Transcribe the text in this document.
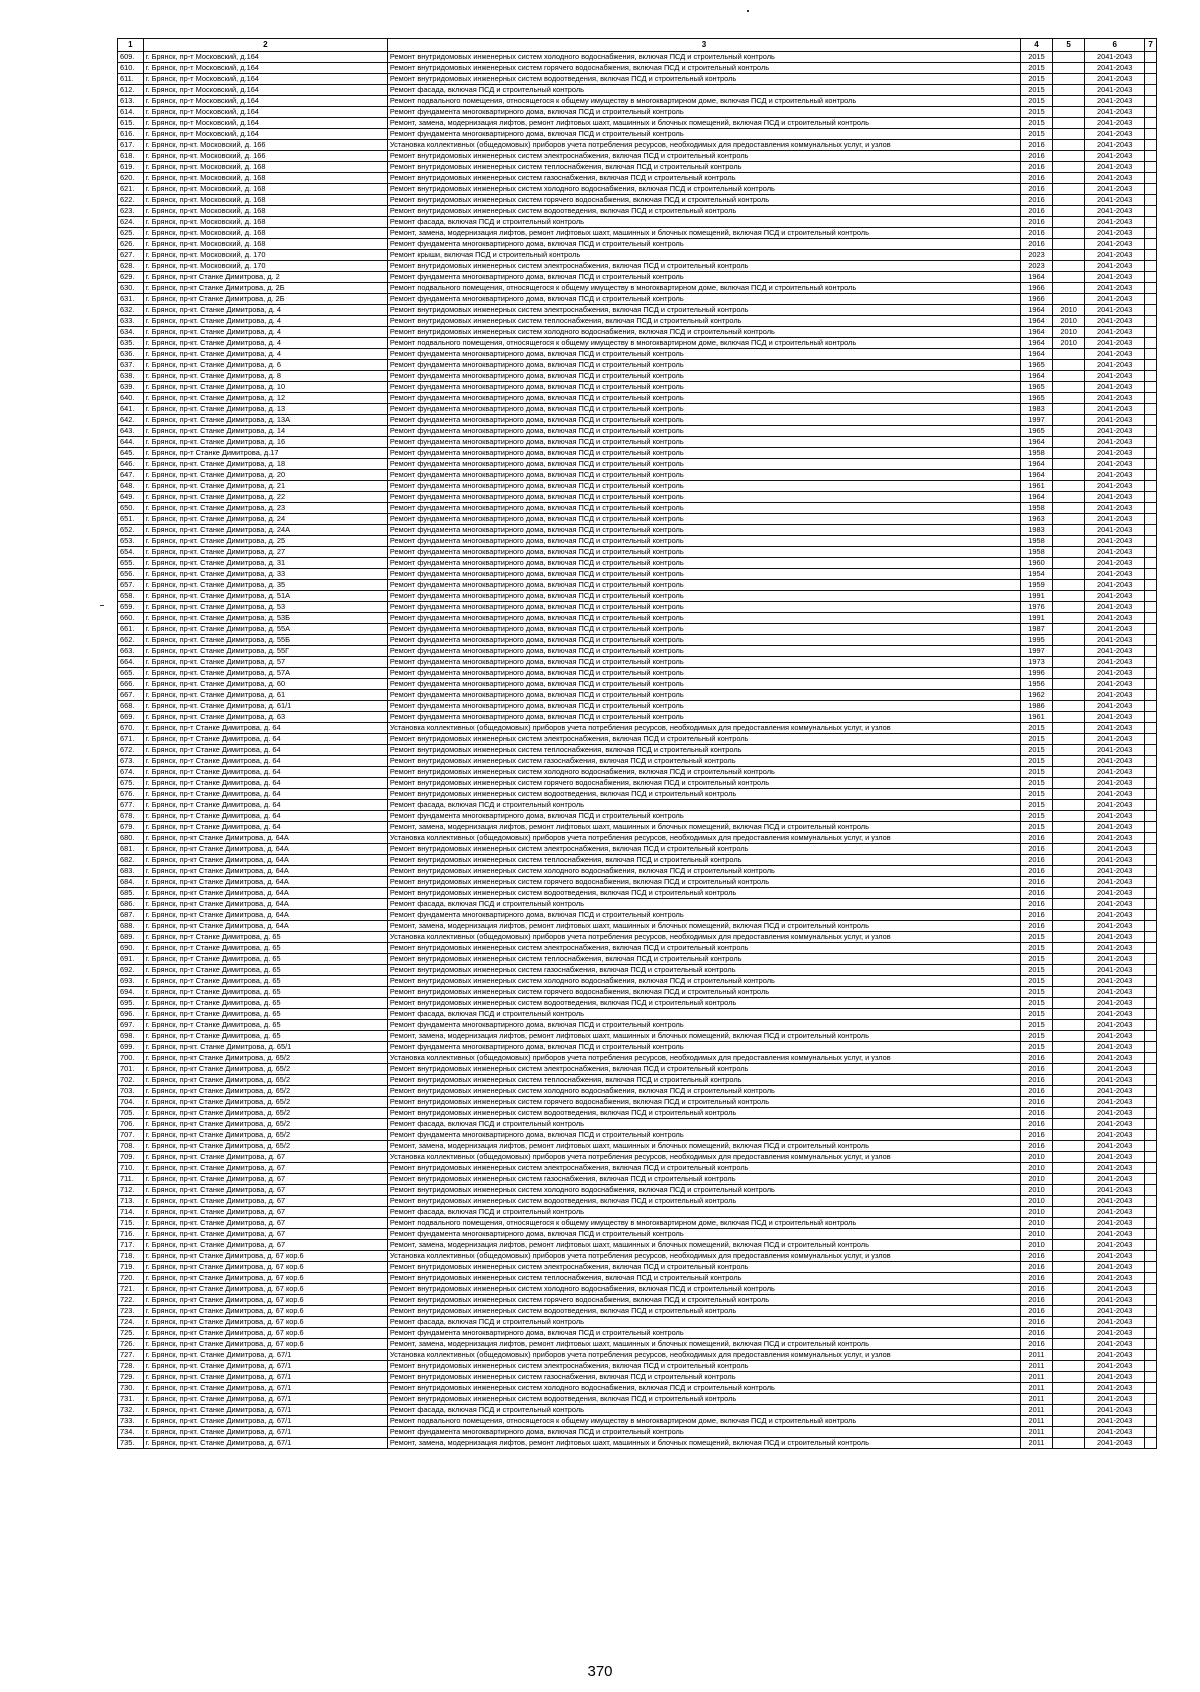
1	2	3	4	5	6	7
609.	г. Брянск, пр-т Московский, д.164	Ремонт внутридомовых инженерных систем холодного водоснабжения, включая ПСД и строительный контроль	2015		2041-2043	
610.	г. Брянск, пр-т Московский, д.164	Ремонт внутридомовых инженерных систем горячего водоснабжения, включая ПСД и строительный контроль	2015		2041-2043	
611.	г. Брянск, пр-т Московский, д.164	Ремонт внутридомовых инженерных систем водоотведения, включая ПСД и строительный контроль	2015		2041-2043	
612.	г. Брянск, пр-т Московский, д.164	Ремонт фасада, включая ПСД и строительный контроль	2015		2041-2043	
613.	г. Брянск, пр-т Московский, д.164	Ремонт подвального помещения, относящегося к общему имуществу в многоквартирном доме, включая ПСД и строительный контроль	2015		2041-2043	
614.	г. Брянск, пр-т Московский, д.164	Ремонт фундамента многоквартирного дома, включая ПСД и строительный контроль	2015		2041-2043	
615.	г. Брянск, пр-т Московский, д.164	Ремонт, замена, модернизация лифтов, ремонт лифтовых шахт, машинных и блочных помещений, включая ПСД и строительный контроль	2015		2041-2043	
616.	г. Брянск, пр-т Московский, д.164	Ремонт фундамента многоквартирного дома, включая ПСД и строительный контроль	2015		2041-2043	
617.	г. Брянск, пр-кт. Московский, д. 166	Установка коллективных (общедомовых) приборов учета потребления ресурсов, необходимых для предоставления коммунальных услуг, и узлов	2016		2041-2043	
618.	г. Брянск, пр-кт. Московский, д. 166	Ремонт внутридомовых инженерных систем электроснабжения, включая ПСД и строительный контроль	2016		2041-2043	
619.	г. Брянск, пр-кт. Московский, д. 168	Ремонт внутридомовых инженерных систем теплоснабжения, включая ПСД и строительный контроль	2016		2041-2043	
620.	г. Брянск, пр-кт. Московский, д. 168	Ремонт внутридомовых инженерных систем газоснабжения, включая ПСД и строительный контроль	2016		2041-2043	
621.	г. Брянск, пр-кт. Московский, д. 168	Ремонт внутридомовых инженерных систем холодного водоснабжения, включая ПСД и строительный контроль	2016		2041-2043	
622.	г. Брянск, пр-кт. Московский, д. 168	Ремонт внутридомовых инженерных систем горячего водоснабжения, включая ПСД и строительный контроль	2016		2041-2043	
623.	г. Брянск, пр-кт. Московский, д. 168	Ремонт внутридомовых инженерных систем водоотведения, включая ПСД и строительный контроль	2016		2041-2043	
624.	г. Брянск, пр-кт. Московский, д. 168	Ремонт фасада, включая ПСД и строительный контроль	2016		2041-2043	
625.	г. Брянск, пр-кт. Московский, д. 168	Ремонт, замена, модернизация лифтов, ремонт лифтовых шахт, машинных и блочных помещений, включая ПСД и строительный контроль	2016		2041-2043	
626.	г. Брянск, пр-кт. Московский, д. 168	Ремонт фундамента многоквартирного дома, включая ПСД и строительный контроль	2016		2041-2043	
627.	г. Брянск, пр-кт. Московский, д. 170	Ремонт крыши, включая ПСД и строительный контроль	2023		2041-2043	
628.	г. Брянск, пр-кт. Московский, д. 170	Ремонт внутридомовых инженерных систем электроснабжения, включая ПСД и строительный контроль	2023		2041-2043	
629.	г. Брянск, пр-кт Станке Димитрова, д. 2	Ремонт фундамента многоквартирного дома, включая ПСД и строительный контроль	1964		2041-2043	
630.	г. Брянск, пр-кт Станке Димитрова, д. 2Б	Ремонт подвального помещения, относящегося к общему имуществу в многоквартирном доме, включая ПСД и строительный контроль	1966		2041-2043	
631.	г. Брянск, пр-кт Станке Димитрова, д. 2Б	Ремонт фундамента многоквартирного дома, включая ПСД и строительный контроль	1966		2041-2043	
632.	г. Брянск, пр-кт. Станке Димитрова, д. 4	Ремонт внутридомовых инженерных систем электроснабжения, включая ПСД и строительный контроль	1964	2010	2041-2043	
633.	г. Брянск, пр-кт. Станке Димитрова, д. 4	Ремонт внутридомовых инженерных систем теплоснабжения, включая ПСД и строительный контроль	1964	2010	2041-2043	
634.	г. Брянск, пр-кт. Станке Димитрова, д. 4	Ремонт внутридомовых инженерных систем холодного водоснабжения, включая ПСД и строительный контроль	1964	2010	2041-2043	
635.	г. Брянск, пр-кт. Станке Димитрова, д. 4	Ремонт подвального помещения, относящегося к общему имуществу в многоквартирном доме, включая ПСД и строительный контроль	1964	2010	2041-2043	
636.	г. Брянск, пр-кт. Станке Димитрова, д. 4	Ремонт фундамента многоквартирного дома, включая ПСД и строительный контроль	1964		2041-2043	
637.	г. Брянск, пр-кт. Станке Димитрова, д. 6	Ремонт фундамента многоквартирного дома, включая ПСД и строительный контроль	1965		2041-2043	
638.	г. Брянск, пр-кт. Станке Димитрова, д. 8	Ремонт фундамента многоквартирного дома, включая ПСД и строительный контроль	1964		2041-2043	
639.	г. Брянск, пр-кт. Станке Димитрова, д. 10	Ремонт фундамента многоквартирного дома, включая ПСД и строительный контроль	1965		2041-2043	
640.	г. Брянск, пр-кт. Станке Димитрова, д. 12	Ремонт фундамента многоквартирного дома, включая ПСД и строительный контроль	1965		2041-2043	
641.	г. Брянск, пр-кт. Станке Димитрова, д. 13	Ремонт фундамента многоквартирного дома, включая ПСД и строительный контроль	1983		2041-2043	
642.	г. Брянск, пр-кт. Станке Димитрова, д. 13А	Ремонт фундамента многоквартирного дома, включая ПСД и строительный контроль	1997		2041-2043	
643.	г. Брянск, пр-кт. Станке Димитрова, д. 14	Ремонт фундамента многоквартирного дома, включая ПСД и строительный контроль	1965		2041-2043	
644.	г. Брянск, пр-кт. Станке Димитрова, д. 16	Ремонт фундамента многоквартирного дома, включая ПСД и строительный контроль	1964		2041-2043	
645.	г. Брянск, пр-т Станке Димитрова, д.17	Ремонт фундамента многоквартирного дома, включая ПСД и строительный контроль	1958		2041-2043	
646.	г. Брянск, пр-кт. Станке Димитрова, д. 18	Ремонт фундамента многоквартирного дома, включая ПСД и строительный контроль	1964		2041-2043	
647.	г. Брянск, пр-кт. Станке Димитрова, д. 20	Ремонт фундамента многоквартирного дома, включая ПСД и строительный контроль	1964		2041-2043	
648.	г. Брянск, пр-кт. Станке Димитрова, д. 21	Ремонт фундамента многоквартирного дома, включая ПСД и строительный контроль	1961		2041-2043	
649.	г. Брянск, пр-кт. Станке Димитрова, д. 22	Ремонт фундамента многоквартирного дома, включая ПСД и строительный контроль	1964		2041-2043	
650.	г. Брянск, пр-кт. Станке Димитрова, д. 23	Ремонт фундамента многоквартирного дома, включая ПСД и строительный контроль	1958		2041-2043	
651.	г. Брянск, пр-кт. Станке Димитрова, д. 24	Ремонт фундамента многоквартирного дома, включая ПСД и строительный контроль	1963		2041-2043	
652.	г. Брянск, пр-кт. Станке Димитрова, д. 24А	Ремонт фундамента многоквартирного дома, включая ПСД и строительный контроль	1983		2041-2043	
653.	г. Брянск, пр-кт. Станке Димитрова, д. 25	Ремонт фундамента многоквартирного дома, включая ПСД и строительный контроль	1958		2041-2043	
654.	г. Брянск, пр-кт. Станке Димитрова, д. 27	Ремонт фундамента многоквартирного дома, включая ПСД и строительный контроль	1958		2041-2043	
655.	г. Брянск, пр-кт. Станке Димитрова, д. 31	Ремонт фундамента многоквартирного дома, включая ПСД и строительный контроль	1960		2041-2043	
656.	г. Брянск, пр-кт. Станке Димитрова, д. 33	Ремонт фундамента многоквартирного дома, включая ПСД и строительный контроль	1954		2041-2043	
657.	г. Брянск, пр-кт. Станке Димитрова, д. 35	Ремонт фундамента многоквартирного дома, включая ПСД и строительный контроль	1959		2041-2043	
658.	г. Брянск, пр-кт. Станке Димитрова, д. 51А	Ремонт фундамента многоквартирного дома, включая ПСД и строительный контроль	1991		2041-2043	
659.	г. Брянск, пр-кт. Станке Димитрова, д. 53	Ремонт фундамента многоквартирного дома, включая ПСД и строительный контроль	1976		2041-2043	
660.	г. Брянск, пр-кт. Станке Димитрова, д. 53Б	Ремонт фундамента многоквартирного дома, включая ПСД и строительный контроль	1991		2041-2043	
661.	г. Брянск, пр-кт. Станке Димитрова, д. 55А	Ремонт фундамента многоквартирного дома, включая ПСД и строительный контроль	1987		2041-2043	
662.	г. Брянск, пр-кт. Станке Димитрова, д. 55Б	Ремонт фундамента многоквартирного дома, включая ПСД и строительный контроль	1995		2041-2043	
663.	г. Брянск, пр-кт. Станке Димитрова, д. 55Г	Ремонт фундамента многоквартирного дома, включая ПСД и строительный контроль	1997		2041-2043	
664.	г. Брянск, пр-кт. Станке Димитрова, д. 57	Ремонт фундамента многоквартирного дома, включая ПСД и строительный контроль	1973		2041-2043	
665.	г. Брянск, пр-кт. Станке Димитрова, д. 57А	Ремонт фундамента многоквартирного дома, включая ПСД и строительный контроль	1996		2041-2043	
666.	г. Брянск, пр-кт. Станке Димитрова, д. 60	Ремонт фундамента многоквартирного дома, включая ПСД и строительный контроль	1956		2041-2043	
667.	г. Брянск, пр-кт. Станке Димитрова, д. 61	Ремонт фундамента многоквартирного дома, включая ПСД и строительный контроль	1962		2041-2043	
668.	г. Брянск, пр-кт. Станке Димитрова, д. 61/1	Ремонт фундамента многоквартирного дома, включая ПСД и строительный контроль	1986		2041-2043	
669.	г. Брянск, пр-кт. Станке Димитрова, д. 63	Ремонт фундамента многоквартирного дома, включая ПСД и строительный контроль	1961		2041-2043	
670.	г. Брянск, пр-т Станке Димитрова, д. 64	Установка коллективных (общедомовых) приборов учета потребления ресурсов, необходимых для предоставления коммунальных услуг, и узлов	2015		2041-2043	
671.	г. Брянск, пр-т Станке Димитрова, д. 64	Ремонт внутридомовых инженерных систем электроснабжения, включая ПСД и строительный контроль	2015		2041-2043	
672.	г. Брянск, пр-т Станке Димитрова, д. 64	Ремонт внутридомовых инженерных систем теплоснабжения, включая ПСД и строительный контроль	2015		2041-2043	
673.	г. Брянск, пр-т Станке Димитрова, д. 64	Ремонт внутридомовых инженерных систем газоснабжения, включая ПСД и строительный контроль	2015		2041-2043	
674.	г. Брянск, пр-т Станке Димитрова, д. 64	Ремонт внутридомовых инженерных систем холодного водоснабжения, включая ПСД и строительный контроль	2015		2041-2043	
675.	г. Брянск, пр-т Станке Димитрова, д. 64	Ремонт внутридомовых инженерных систем горячего водоснабжения, включая ПСД и строительный контроль	2015		2041-2043	
676.	г. Брянск, пр-т Станке Димитрова, д. 64	Ремонт внутридомовых инженерных систем водоотведения, включая ПСД и строительный контроль	2015		2041-2043	
677.	г. Брянск, пр-т Станке Димитрова, д. 64	Ремонт фасада, включая ПСД и строительный контроль	2015		2041-2043	
678.	г. Брянск, пр-т Станке Димитрова, д. 64	Ремонт фундамента многоквартирного дома, включая ПСД и строительный контроль	2015		2041-2043	
679.	г. Брянск, пр-т Станке Димитрова, д. 64	Ремонт, замена, модернизация лифтов, ремонт лифтовых шахт, машинных и блочных помещений, включая ПСД и строительный контроль	2015		2041-2043	
680.	г. Брянск, пр-кт Станке Димитрова, д. 64А	Установка коллективных (общедомовых) приборов учета потребления ресурсов, необходимых для предоставления коммунальных услуг, и узлов	2016		2041-2043	
681.	г. Брянск, пр-кт Станке Димитрова, д. 64А	Ремонт внутридомовых инженерных систем электроснабжения, включая ПСД и строительный контроль	2016		2041-2043	
682.	г. Брянск, пр-кт Станке Димитрова, д. 64А	Ремонт внутридомовых инженерных систем теплоснабжения, включая ПСД и строительный контроль	2016		2041-2043	
683.	г. Брянск, пр-кт Станке Димитрова, д. 64А	Ремонт внутридомовых инженерных систем холодного водоснабжения, включая ПСД и строительный контроль	2016		2041-2043	
684.	г. Брянск, пр-кт Станке Димитрова, д. 64А	Ремонт внутридомовых инженерных систем горячего водоснабжения, включая ПСД и строительный контроль	2016		2041-2043	
685.	г. Брянск, пр-кт Станке Димитрова, д. 64А	Ремонт внутридомовых инженерных систем водоотведения, включая ПСД и строительный контроль	2016		2041-2043	
686.	г. Брянск, пр-кт Станке Димитрова, д. 64А	Ремонт фасада, включая ПСД и строительный контроль	2016		2041-2043	
687.	г. Брянск, пр-кт Станке Димитрова, д. 64А	Ремонт фундамента многоквартирного дома, включая ПСД и строительный контроль	2016		2041-2043	
688.	г. Брянск, пр-кт Станке Димитрова, д. 64А	Ремонт, замена, модернизация лифтов, ремонт лифтовых шахт, машинных и блочных помещений, включая ПСД и строительный контроль	2016		2041-2043	
689.	г. Брянск, пр-т Станке Димитрова, д. 65	Установка коллективных (общедомовых) приборов учета потребления ресурсов, необходимых для предоставления коммунальных услуг, и узлов	2015		2041-2043	
690.	г. Брянск, пр-т Станке Димитрова, д. 65	Ремонт внутридомовых инженерных систем электроснабжения, включая ПСД и строительный контроль	2015		2041-2043	
691.	г. Брянск, пр-т Станке Димитрова, д. 65	Ремонт внутридомовых инженерных систем теплоснабжения, включая ПСД и строительный контроль	2015		2041-2043	
692.	г. Брянск, пр-т Станке Димитрова, д. 65	Ремонт внутридомовых инженерных систем газоснабжения, включая ПСД и строительный контроль	2015		2041-2043	
693.	г. Брянск, пр-т Станке Димитрова, д. 65	Ремонт внутридомовых инженерных систем холодного водоснабжения, включая ПСД и строительный контроль	2015		2041-2043	
694.	г. Брянск, пр-т Станке Димитрова, д. 65	Ремонт внутридомовых инженерных систем горячего водоснабжения, включая ПСД и строительный контроль	2015		2041-2043	
695.	г. Брянск, пр-т Станке Димитрова, д. 65	Ремонт внутридомовых инженерных систем водоотведения, включая ПСД и строительный контроль	2015		2041-2043	
696.	г. Брянск, пр-т Станке Димитрова, д. 65	Ремонт фасада, включая ПСД и строительный контроль	2015		2041-2043	
697.	г. Брянск, пр-т Станке Димитрова, д. 65	Ремонт фундамента многоквартирного дома, включая ПСД и строительный контроль	2015		2041-2043	
698.	г. Брянск, пр-т Станке Димитрова, д. 65	Ремонт, замена, модернизация лифтов, ремонт лифтовых шахт, машинных и блочных помещений, включая ПСД и строительный контроль	2015		2041-2043	
699.	г. Брянск, пр-кт. Станке Димитрова, д. 65/1	Ремонт фундамента многоквартирного дома, включая ПСД и строительный контроль	2015		2041-2043	
700.	г. Брянск, пр-кт Станке Димитрова, д. 65/2	Установка коллективных (общедомовых) приборов учета потребления ресурсов, необходимых для предоставления коммунальных услуг, и узлов	2016		2041-2043	
701.	г. Брянск, пр-кт Станке Димитрова, д. 65/2	Ремонт внутридомовых инженерных систем электроснабжения, включая ПСД и строительный контроль	2016		2041-2043	
702.	г. Брянск, пр-кт Станке Димитрова, д. 65/2	Ремонт внутридомовых инженерных систем теплоснабжения, включая ПСД и строительный контроль	2016		2041-2043	
703.	г. Брянск, пр-кт Станке Димитрова, д. 65/2	Ремонт внутридомовых инженерных систем холодного водоснабжения, включая ПСД и строительный контроль	2016		2041-2043	
704.	г. Брянск, пр-кт Станке Димитрова, д. 65/2	Ремонт внутридомовых инженерных систем горячего водоснабжения, включая ПСД и строительный контроль	2016		2041-2043	
705.	г. Брянск, пр-кт Станке Димитрова, д. 65/2	Ремонт внутридомовых инженерных систем водоотведения, включая ПСД и строительный контроль	2016		2041-2043	
706.	г. Брянск, пр-кт Станке Димитрова, д. 65/2	Ремонт фасада, включая ПСД и строительный контроль	2016		2041-2043	
707.	г. Брянск, пр-кт Станке Димитрова, д. 65/2	Ремонт фундамента многоквартирного дома, включая ПСД и строительный контроль	2016		2041-2043	
708.	г. Брянск, пр-кт Станке Димитрова, д. 65/2	Ремонт, замена, модернизация лифтов, ремонт лифтовых шахт, машинных и блочных помещений, включая ПСД и строительный контроль	2016		2041-2043	
709.	г. Брянск, пр-кт. Станке Димитрова, д. 67	Установка коллективных (общедомовых) приборов учета потребления ресурсов, необходимых для предоставления коммунальных услуг, и узлов	2010		2041-2043	
710.	г. Брянск, пр-кт. Станке Димитрова, д. 67	Ремонт внутридомовых инженерных систем электроснабжения, включая ПСД и строительный контроль	2010		2041-2043	
711.	г. Брянск, пр-кт. Станке Димитрова, д. 67	Ремонт внутридомовых инженерных систем газоснабжения, включая ПСД и строительный контроль	2010		2041-2043	
712.	г. Брянск, пр-кт. Станке Димитрова, д. 67	Ремонт внутридомовых инженерных систем холодного водоснабжения, включая ПСД и строительный контроль	2010		2041-2043	
713.	г. Брянск, пр-кт. Станке Димитрова, д. 67	Ремонт внутридомовых инженерных систем водоотведения, включая ПСД и строительный контроль	2010		2041-2043	
714.	г. Брянск, пр-кт. Станке Димитрова, д. 67	Ремонт фасада, включая ПСД и строительный контроль	2010		2041-2043	
715.	г. Брянск, пр-кт. Станке Димитрова, д. 67	Ремонт подвального помещения, относящегося к общему имуществу в многоквартирном доме, включая ПСД и строительный контроль	2010		2041-2043	
716.	г. Брянск, пр-кт. Станке Димитрова, д. 67	Ремонт фундамента многоквартирного дома, включая ПСД и строительный контроль	2010		2041-2043	
717.	г. Брянск, пр-кт. Станке Димитрова, д. 67	Ремонт, замена, модернизация лифтов, ремонт лифтовых шахт, машинных и блочных помещений, включая ПСД и строительный контроль	2010		2041-2043	
718.	г. Брянск, пр-кт Станке Димитрова, д. 67 кор.6	Установка коллективных (общедомовых) приборов учета потребления ресурсов, необходимых для предоставления коммунальных услуг, и узлов	2016		2041-2043	
719.	г. Брянск, пр-кт Станке Димитрова, д. 67 кор.6	Ремонт внутридомовых инженерных систем электроснабжения, включая ПСД и строительный контроль	2016		2041-2043	
720.	г. Брянск, пр-кт Станке Димитрова, д. 67 кор.6	Ремонт внутридомовых инженерных систем теплоснабжения, включая ПСД и строительный контроль	2016		2041-2043	
721.	г. Брянск, пр-кт Станке Димитрова, д. 67 кор.6	Ремонт внутридомовых инженерных систем холодного водоснабжения, включая ПСД и строительный контроль	2016		2041-2043	
722.	г. Брянск, пр-кт Станке Димитрова, д. 67 кор.6	Ремонт внутридомовых инженерных систем горячего водоснабжения, включая ПСД и строительный контроль	2016		2041-2043	
723.	г. Брянск, пр-кт Станке Димитрова, д. 67 кор.6	Ремонт внутридомовых инженерных систем водоотведения, включая ПСД и строительный контроль	2016		2041-2043	
724.	г. Брянск, пр-кт Станке Димитрова, д. 67 кор.6	Ремонт фасада, включая ПСД и строительный контроль	2016		2041-2043	
725.	г. Брянск, пр-кт Станке Димитрова, д. 67 кор.6	Ремонт фундамента многоквартирного дома, включая ПСД и строительный контроль	2016		2041-2043	
726.	г. Брянск, пр-кт Станке Димитрова, д. 67 кор.6	Ремонт, замена, модернизация лифтов, ремонт лифтовых шахт, машинных и блочных помещений, включая ПСД и строительный контроль	2016		2041-2043	
727.	г. Брянск, пр-кт. Станке Димитрова, д. 67/1	Установка коллективных (общедомовых) приборов учета потребления ресурсов, необходимых для предоставления коммунальных услуг, и узлов	2011		2041-2043	
728.	г. Брянск, пр-кт. Станке Димитрова, д. 67/1	Ремонт внутридомовых инженерных систем электроснабжения, включая ПСД и строительный контроль	2011		2041-2043	
729.	г. Брянск, пр-кт. Станке Димитрова, д. 67/1	Ремонт внутридомовых инженерных систем газоснабжения, включая ПСД и строительный контроль	2011		2041-2043	
730.	г. Брянск, пр-кт. Станке Димитрова, д. 67/1	Ремонт внутридомовых инженерных систем холодного водоснабжения, включая ПСД и строительный контроль	2011		2041-2043	
731.	г. Брянск, пр-кт. Станке Димитрова, д. 67/1	Ремонт внутридомовых инженерных систем водоотведения, включая ПСД и строительный контроль	2011		2041-2043	
732.	г. Брянск, пр-кт. Станке Димитрова, д. 67/1	Ремонт фасада, включая ПСД и строительный контроль	2011		2041-2043	
733.	г. Брянск, пр-кт. Станке Димитрова, д. 67/1	Ремонт подвального помещения, относящегося к общему имуществу в многоквартирном доме, включая ПСД и строительный контроль	2011		2041-2043	
734.	г. Брянск, пр-кт. Станке Димитрова, д. 67/1	Ремонт фундамента многоквартирного дома, включая ПСД и строительный контроль	2011		2041-2043	
735.	г. Брянск, пр-кт. Станке Димитрова, д. 67/1	Ремонт, замена, модернизация лифтов, ремонт лифтовых шахт, машинных и блочных помещений, включая ПСД и строительный контроль	2011		2041-2043	
370
